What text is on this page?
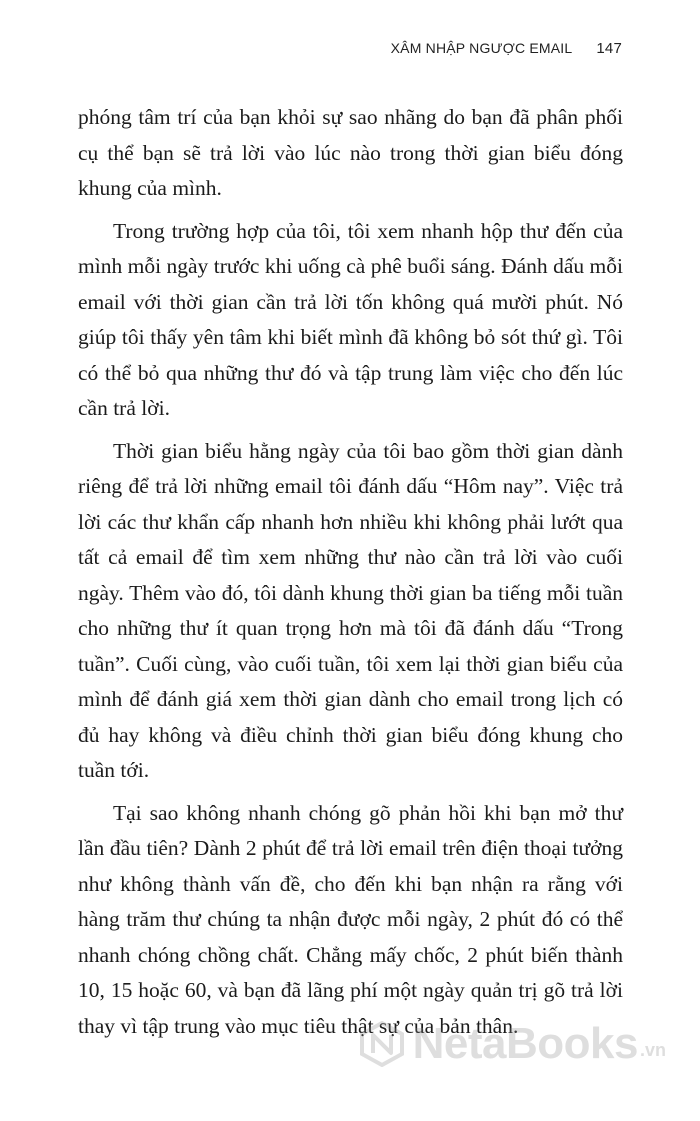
XÂM NHẬP NGƯỢC EMAIL 147

phóng tâm trí của bạn khỏi sự sao nhãng do bạn đã phân phối cụ thể bạn sẽ trả lời vào lúc nào trong thời gian biểu đóng khung của mình.

Trong trường hợp của tôi, tôi xem nhanh hộp thư đến của mình mỗi ngày trước khi uống cà phê buổi sáng. Đánh dấu mỗi email với thời gian cần trả lời tốn không quá mười phút. Nó giúp tôi thấy yên tâm khi biết mình đã không bỏ sót thứ gì. Tôi có thể bỏ qua những thư đó và tập trung làm việc cho đến lúc cần trả lời.

Thời gian biểu hằng ngày của tôi bao gồm thời gian dành riêng để trả lời những email tôi đánh dấu “Hôm nay”. Việc trả lời các thư khẩn cấp nhanh hơn nhiều khi không phải lướt qua tất cả email để tìm xem những thư nào cần trả lời vào cuối ngày. Thêm vào đó, tôi dành khung thời gian ba tiếng mỗi tuần cho những thư ít quan trọng hơn mà tôi đã đánh dấu “Trong tuần”. Cuối cùng, vào cuối tuần, tôi xem lại thời gian biểu của mình để đánh giá xem thời gian dành cho email trong lịch có đủ hay không và điều chỉnh thời gian biểu đóng khung cho tuần tới.

Tại sao không nhanh chóng gõ phản hồi khi bạn mở thư lần đầu tiên? Dành 2 phút để trả lời email trên điện thoại tưởng như không thành vấn đề, cho đến khi bạn nhận ra rằng với hàng trăm thư chúng ta nhận được mỗi ngày, 2 phút đó có thể nhanh chóng chồng chất. Chẳng mấy chốc, 2 phút biến thành 10, 15 hoặc 60, và bạn đã lãng phí một ngày quản trị gõ trả lời thay vì tập trung vào mục tiêu thật sự của bản thân.

NetaBooks .vn
